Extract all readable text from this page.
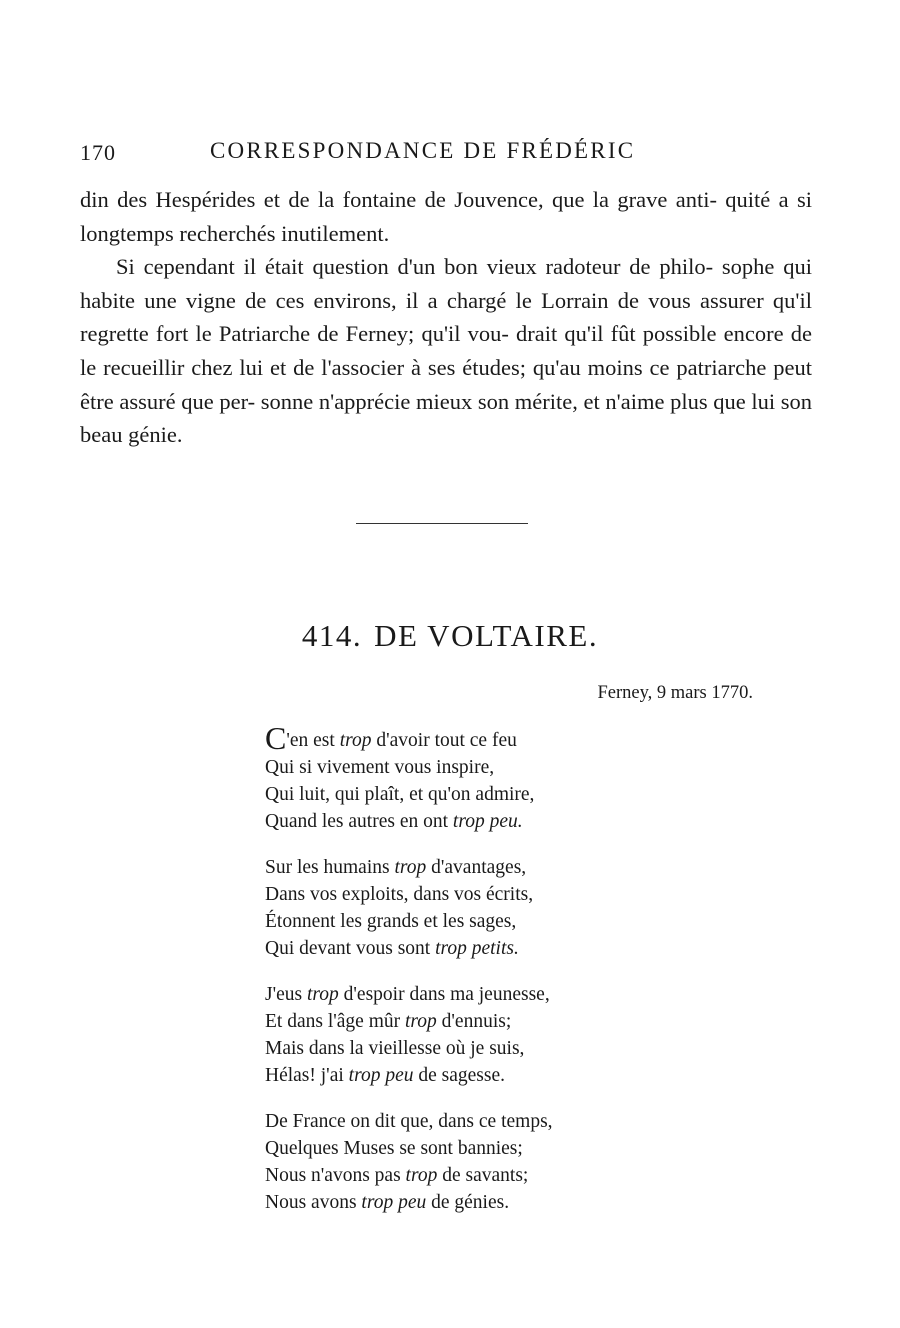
170	CORRESPONDANCE DE FRÉDÉRIC

din des Hespérides et de la fontaine de Jouvence, que la grave anti- quité a si longtemps recherchés inutilement.

Si cependant il était question d'un bon vieux radoteur de philo- sophe qui habite une vigne de ces environs, il a chargé le Lorrain de vous assurer qu'il regrette fort le Patriarche de Ferney; qu'il vou- drait qu'il fût possible encore de le recueillir chez lui et de l'associer à ses études; qu'au moins ce patriarche peut être assuré que per- sonne n'apprécie mieux son mérite, et n'aime plus que lui son beau génie.

414. DE VOLTAIRE.
Ferney, 9 mars 1770.
C'en est trop d'avoir tout ce feu
Qui si vivement vous inspire,
Qui luit, qui plaît, et qu'on admire,
Quand les autres en ont trop peu.
Sur les humains trop d'avantages,
Dans vos exploits, dans vos écrits,
Étonnent les grands et les sages,
Qui devant vous sont trop petits.
J'eus trop d'espoir dans ma jeunesse,
Et dans l'âge mûr trop d'ennuis;
Mais dans la vieillesse où je suis,
Hélas! j'ai trop peu de sagesse.
De France on dit que, dans ce temps,
Quelques Muses se sont bannies;
Nous n'avons pas trop de savants;
Nous avons trop peu de génies.
